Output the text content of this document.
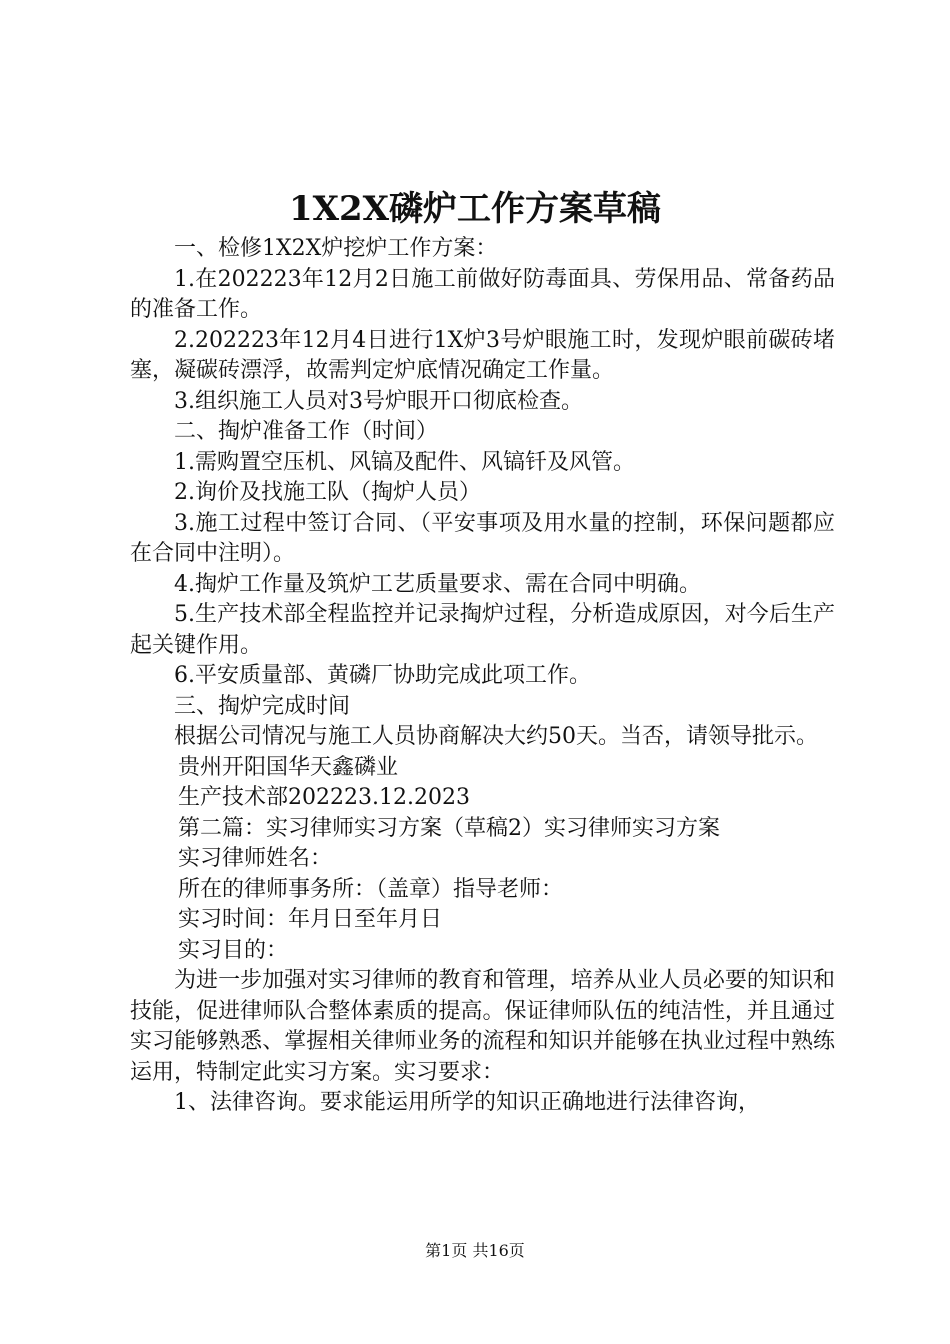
1X2X磷炉工作方案草稿

一、检修1X2X炉挖炉工作方案：

1.在202223年12月2日施工前做好防毒面具、劳保用品、常备药品的准备工作。

2.202223年12月4日进行1X炉3号炉眼施工时，发现炉眼前碳砖堵塞，凝碳砖漂浮，故需判定炉底情况确定工作量。

3.组织施工人员对3号炉眼开口彻底检查。

二、掏炉准备工作（时间）

1.需购置空压机、风镐及配件、风镐钎及风管。

2.询价及找施工队（掏炉人员）

3.施工过程中签订合同、（平安事项及用水量的控制，环保问题都应在合同中注明）。

4.掏炉工作量及筑炉工艺质量要求、需在合同中明确。

5.生产技术部全程监控并记录掏炉过程，分析造成原因，对今后生产起关键作用。

6.平安质量部、黄磷厂协助完成此项工作。

三、掏炉完成时间

根据公司情况与施工人员协商解决大约50天。当否，请领导批示。

贵州开阳国华天鑫磷业

生产技术部202223.12.2023

第二篇：实习律师实习方案（草稿2）实习律师实习方案

实习律师姓名：

所在的律师事务所：（盖章）指导老师：

实习时间：年月日至年月日

实习目的：

为进一步加强对实习律师的教育和管理，培养从业人员必要的知识和技能，促进律师队合整体素质的提高。保证律师队伍的纯洁性，并且通过实习能够熟悉、掌握相关律师业务的流程和知识并能够在执业过程中熟练运用，特制定此实习方案。实习要求：

1、法律咨询。要求能运用所学的知识正确地进行法律咨询，

第1页 共16页
